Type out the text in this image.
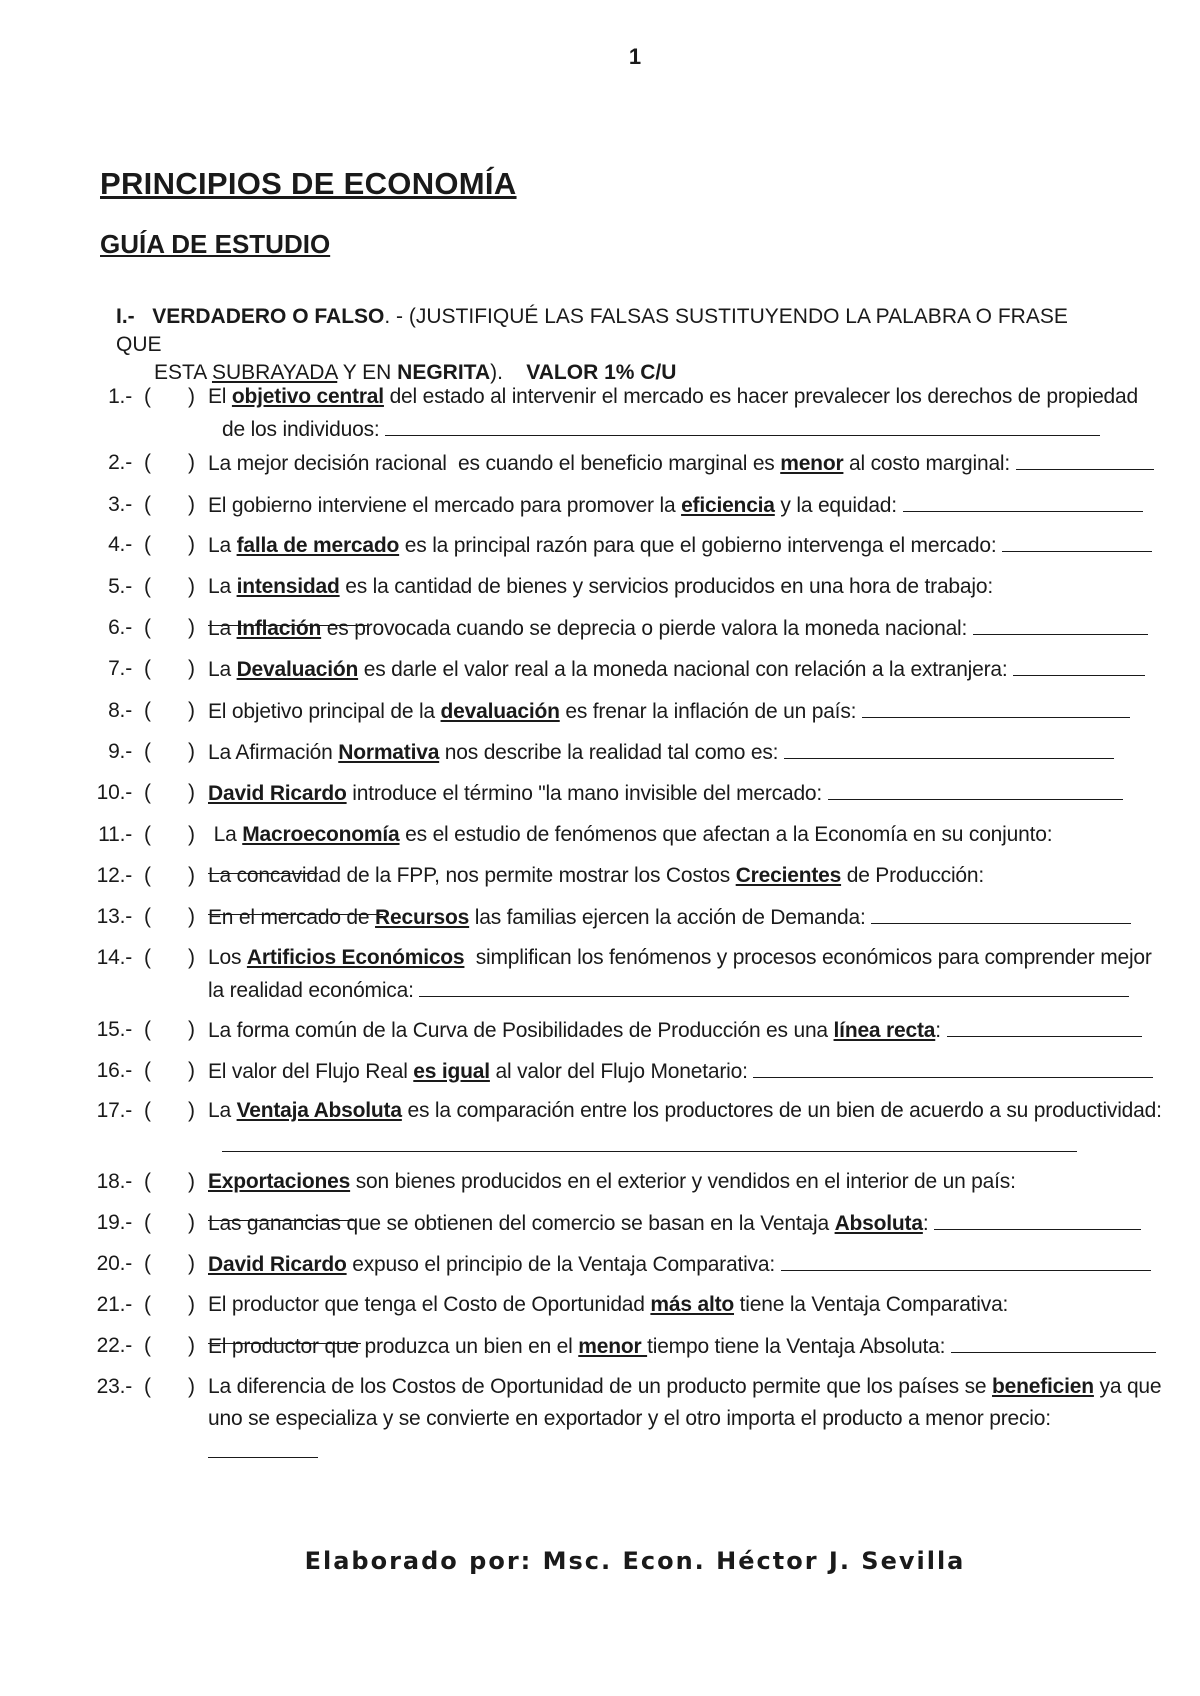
1
PRINCIPIOS DE ECONOMÍA
GUÍA DE ESTUDIO
I.- VERDADERO O FALSO. - (JUSTIFIQUÉ LAS FALSAS SUSTITUYENDO LA PALABRA O FRASE QUE
ESTA SUBRAYADA Y EN NEGRITA). VALOR 1% C/U
1.- ( ) El objetivo central del estado al intervenir el mercado es hacer prevalecer los derechos de propiedad
de los individuos:
2.- ( ) La mejor decisión racional  es cuando el beneficio marginal es menor al costo marginal:
3.- ( ) El gobierno interviene el mercado para promover la eficiencia y la equidad:
4.- ( ) La falla de mercado es la principal razón para que el gobierno intervenga el mercado:
5.- ( ) La intensidad es la cantidad de bienes y servicios producidos en una hora de trabajo:
6.- ( ) La Inflación es provocada cuando se deprecia o pierde valora la moneda nacional:
7.- ( ) La Devaluación es darle el valor real a la moneda nacional con relación a la extranjera:
8.- ( ) El objetivo principal de la devaluación es frenar la inflación de un país:
9.- ( ) La Afirmación Normativa nos describe la realidad tal como es:
10.- ( ) David Ricardo introduce el término "la mano invisible del mercado:
11.- ( ) La Macroeconomía es el estudio de fenómenos que afectan a la Economía en su conjunto:
12.- ( ) La concavidad de la FPP, nos permite mostrar los Costos Crecientes de Producción:
13.- ( ) En el mercado de Recursos las familias ejercen la acción de Demanda:
14.- ( ) Los Artificios Económicos  simplifican los fenómenos y procesos económicos para comprender mejor
la realidad económica:
15.- ( ) La forma común de la Curva de Posibilidades de Producción es una línea recta:
16.- ( ) El valor del Flujo Real es igual al valor del Flujo Monetario:
17.- ( ) La Ventaja Absoluta es la comparación entre los productores de un bien de acuerdo a su productividad:
18.- ( ) Exportaciones son bienes producidos en el exterior y vendidos en el interior de un país:
19.- ( ) Las ganancias que se obtienen del comercio se basan en la Ventaja Absoluta:
20.- ( ) David Ricardo expuso el principio de la Ventaja Comparativa:
21.- ( ) El productor que tenga el Costo de Oportunidad más alto tiene la Ventaja Comparativa:
22.- ( ) El productor que produzca un bien en el menor tiempo tiene la Ventaja Absoluta:
23.- ( ) La diferencia de los Costos de Oportunidad de un producto permite que los países se beneficien ya que
uno se especializa y se convierte en exportador y el otro importa el producto a menor precio:
Elaborado por: Msc. Econ. Héctor J. Sevilla
